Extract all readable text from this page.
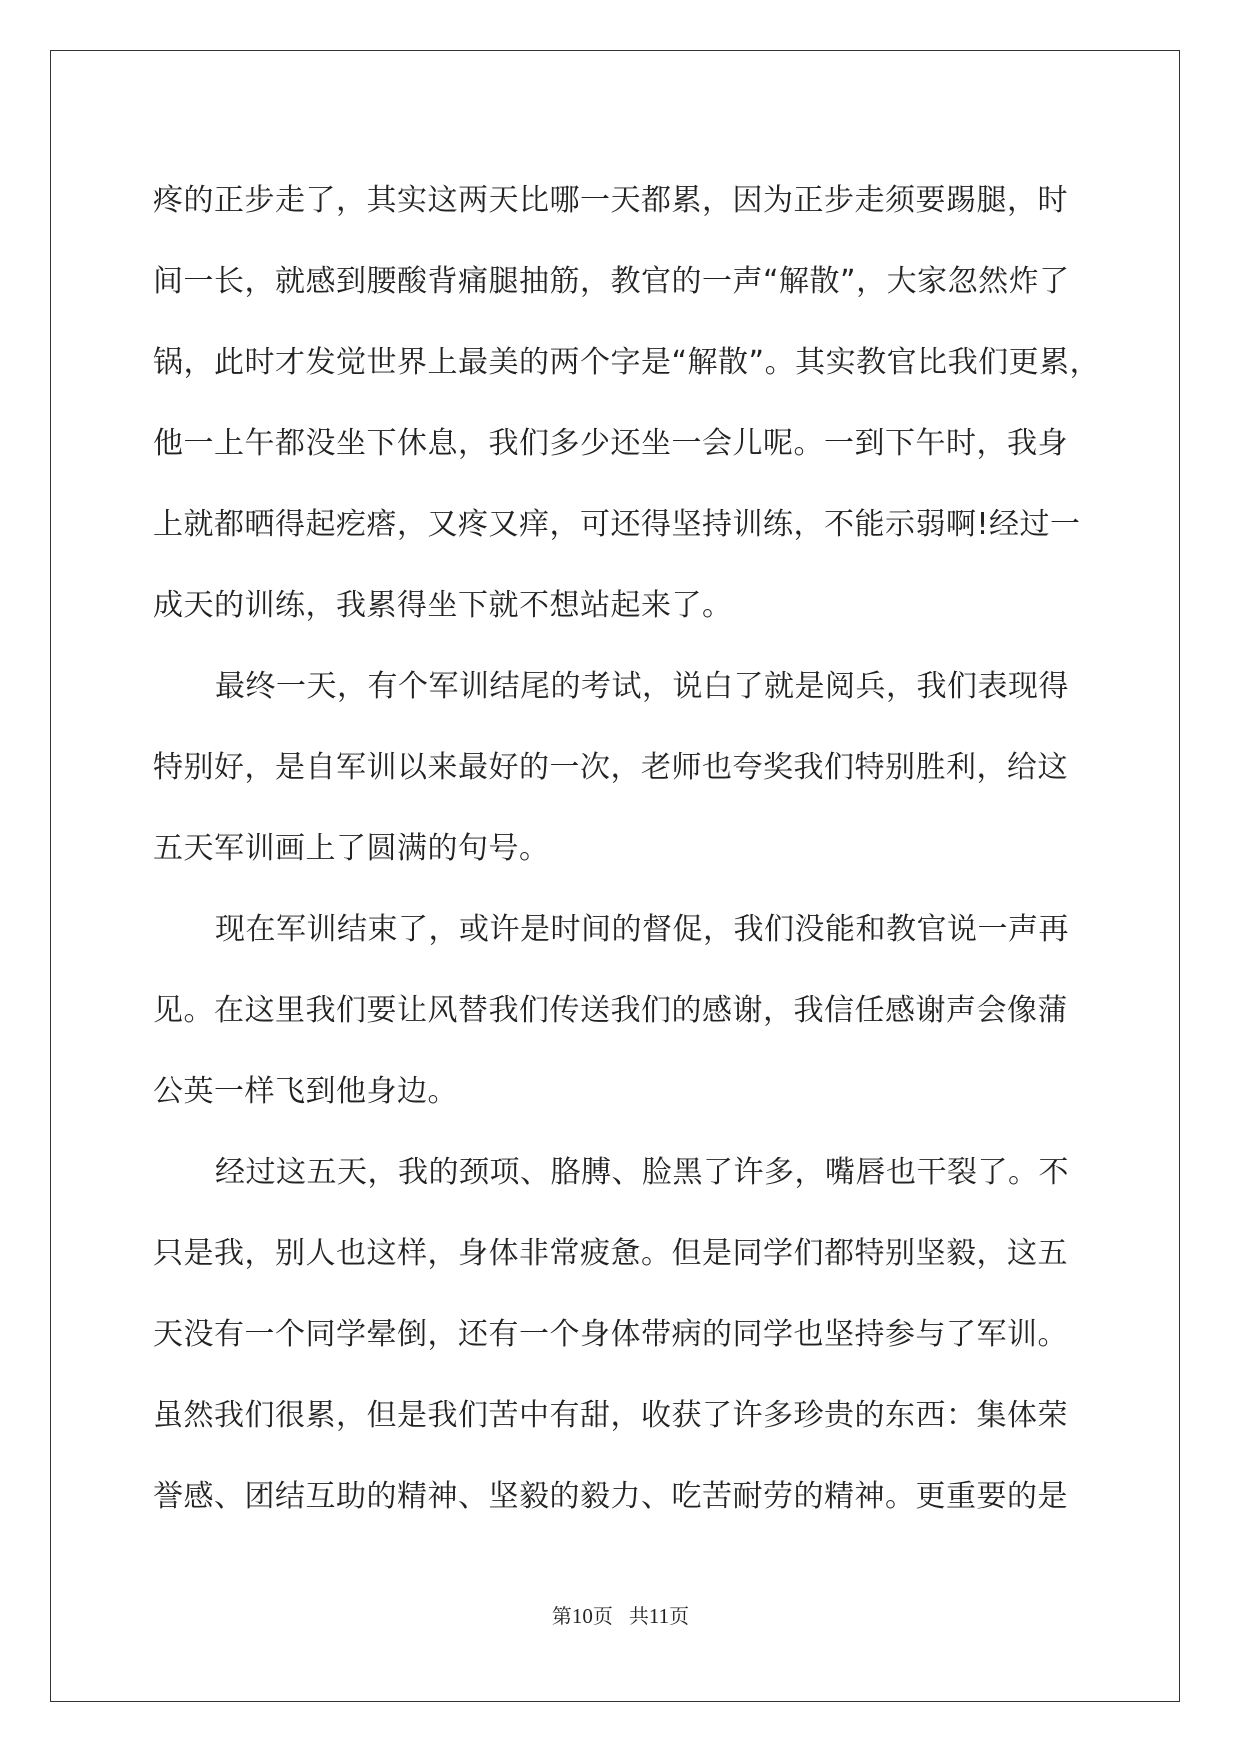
疼的正步走了，其实这两天比哪一天都累，因为正步走须要踢腿，时
间一长，就感到腰酸背痛腿抽筋，教官的一声“解散”，大家忽然炸了
锅，此时才发觉世界上最美的两个字是“解散”。其实教官比我们更累，
他一上午都没坐下休息，我们多少还坐一会儿呢。一到下午时，我身
上就都晒得起疙瘩，又疼又痒，可还得坚持训练，不能示弱啊!经过一
成天的训练，我累得坐下就不想站起来了。
最终一天，有个军训结尾的考试，说白了就是阅兵，我们表现得
特别好，是自军训以来最好的一次，老师也夸奖我们特别胜利，给这
五天军训画上了圆满的句号。
现在军训结束了，或许是时间的督促，我们没能和教官说一声再
见。在这里我们要让风替我们传送我们的感谢，我信任感谢声会像蒲
公英一样飞到他身边。
经过这五天，我的颈项、胳膊、脸黑了许多，嘴唇也干裂了。不
只是我，别人也这样，身体非常疲惫。但是同学们都特别坚毅，这五
天没有一个同学晕倒，还有一个身体带病的同学也坚持参与了军训。
虽然我们很累，但是我们苦中有甜，收获了许多珍贵的东西：集体荣
誉感、团结互助的精神、坚毅的毅力、吃苦耐劳的精神。更重要的是
第10页 共11页
